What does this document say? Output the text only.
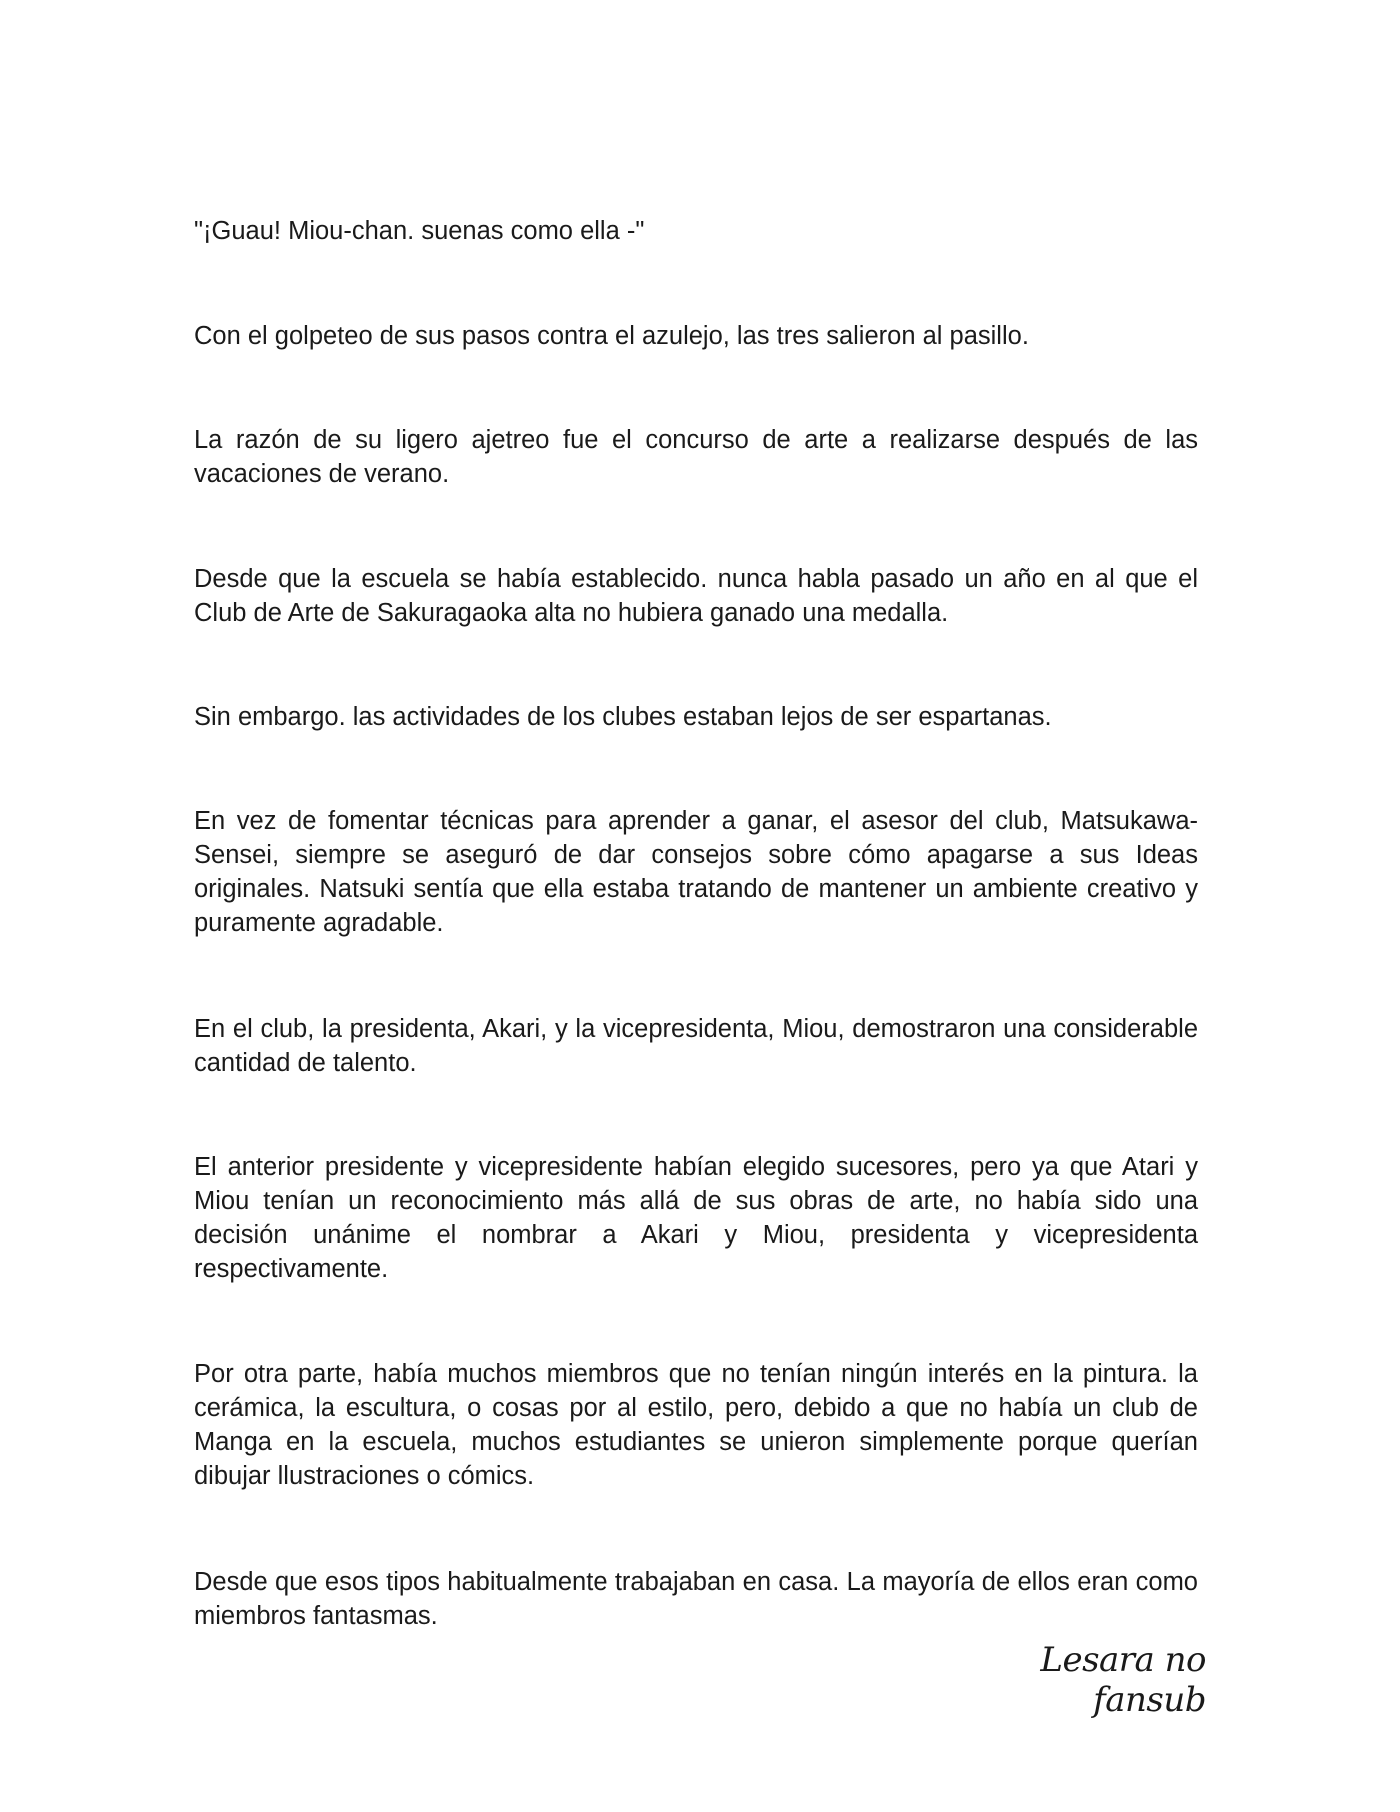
"¡Guau! Miou-chan. suenas como ella -"

Con el golpeteo de sus pasos contra el azulejo, las tres salieron al pasillo.

La razón de su ligero ajetreo fue el concurso de arte a realizarse después de las vacaciones de verano.

Desde que la escuela se había establecido. nunca habla pasado un año en al que el Club de Arte de Sakuragaoka alta no hubiera ganado una medalla.

Sin embargo. las actividades de los clubes estaban lejos de ser espartanas.

En vez de fomentar técnicas para aprender a ganar, el asesor del club, Matsukawa-Sensei, siempre se aseguró de dar consejos sobre cómo apagarse a sus Ideas originales. Natsuki sentía que ella estaba tratando de mantener un ambiente creativo y puramente agradable.

En el club, la presidenta, Akari, y la vicepresidenta, Miou, demostraron una considerable cantidad de talento.

El anterior presidente y vicepresidente habían elegido sucesores, pero ya que Atari y Miou tenían un reconocimiento más allá de sus obras de arte, no había sido una decisión unánime el nombrar a Akari y Miou, presidenta y vicepresidenta respectivamente.

Por otra parte, había muchos miembros que no tenían ningún interés en la pintura. la cerámica, la escultura, o cosas por al estilo, pero, debido a que no había un club de Manga en la escuela, muchos estudiantes se unieron simplemente porque querían dibujar llustraciones o cómics.

Desde que esos tipos habitualmente trabajaban en casa. La mayoría de ellos eran como miembros fantasmas.

Lesara no fansub
